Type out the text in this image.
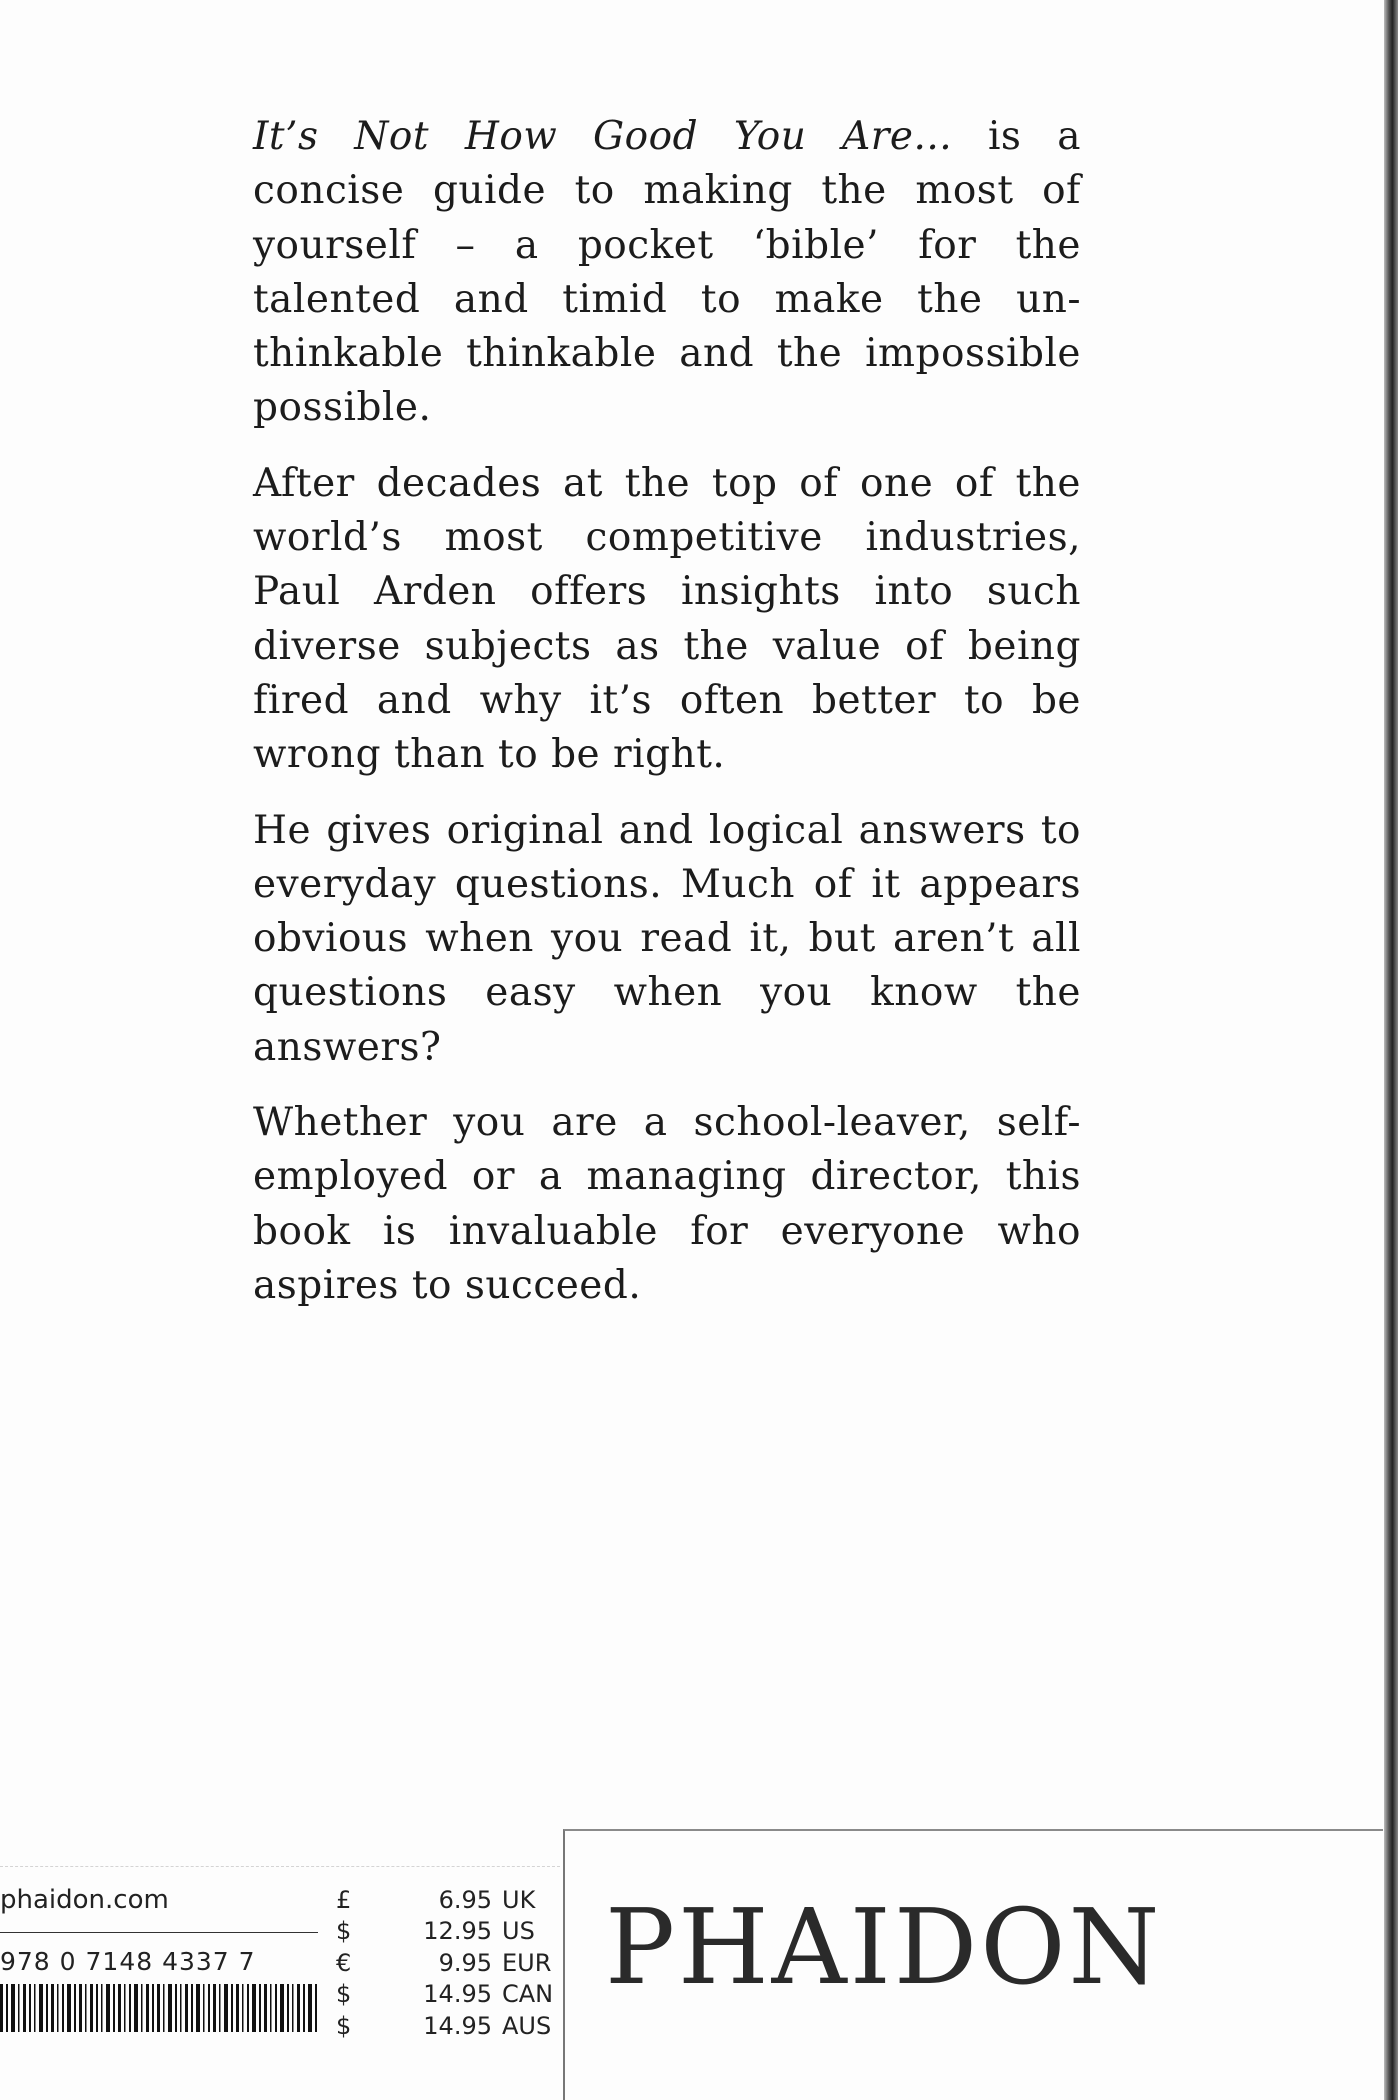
It’s Not How Good You Are... is a concise guide to making the most of yourself – a pocket ‘bible’ for the talented and timid to make the un-thinkable thinkable and the impossible possible.

After decades at the top of one of the world’s most competitive industries, Paul Arden offers insights into such diverse subjects as the value of being fired and why it’s often better to be wrong than to be right.

He gives original and logical answers to everyday questions. Much of it appears obvious when you read it, but aren’t all questions easy when you know the answers?

Whether you are a school-leaver, self-employed or a managing director, this book is invaluable for everyone who aspires to succeed.

phaidon.com
978 0 7148 4337 7
£	6.95 UK
$	12.95 US
€	9.95 EUR
$	14.95 CAN
$	14.95 AUS
PHAIDON
